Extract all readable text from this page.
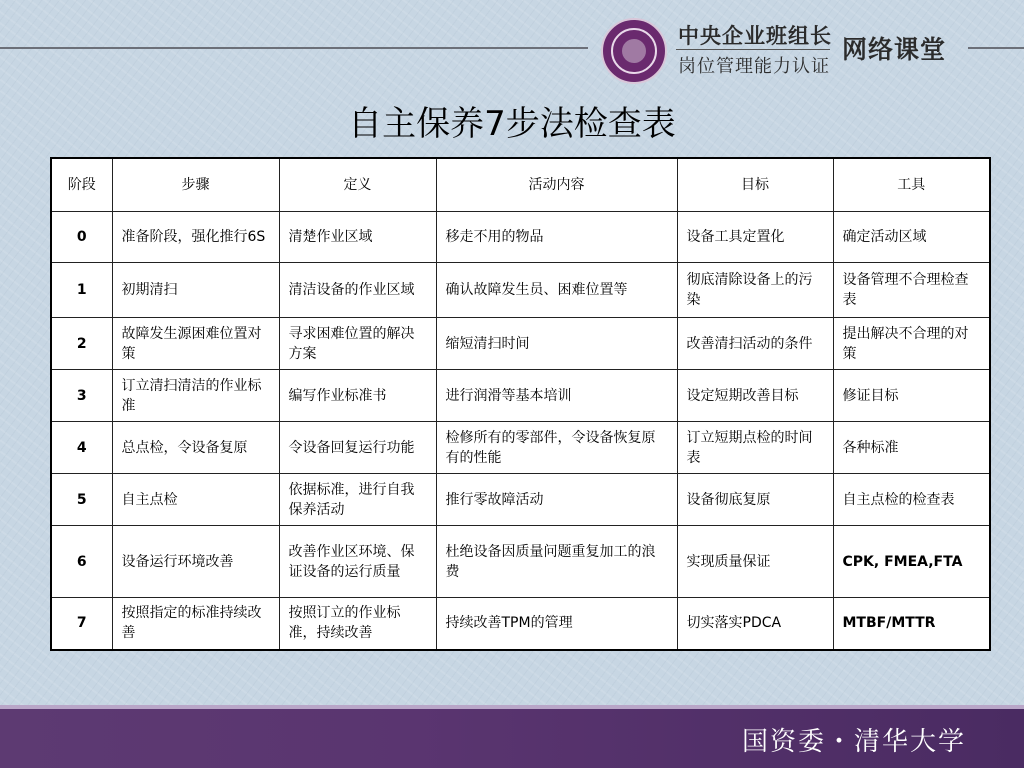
中央企业班组长
岗位管理能力认证
网络课堂
自主保养7步法检查表
阶段	步骤	定义	活动内容	目标	工具
0	准备阶段，强化推行6S	清楚作业区域	移走不用的物品	设备工具定置化	确定活动区域
1	初期清扫	清洁设备的作业区域	确认故障发生员、困难位置等	彻底清除设备上的污染	设备管理不合理检查表
2	故障发生源困难位置对策	寻求困难位置的解决方案	缩短清扫时间	改善清扫活动的条件	提出解决不合理的对策
3	订立清扫清洁的作业标准	编写作业标准书	进行润滑等基本培训	设定短期改善目标	修证目标
4	总点检，令设备复原	令设备回复运行功能	检修所有的零部件，令设备恢复原有的性能	订立短期点检的时间表	各种标准
5	自主点检	依据标准，进行自我保养活动	推行零故障活动	设备彻底复原	自主点检的检查表
6	设备运行环境改善	改善作业区环境、保证设备的运行质量	杜绝设备因质量问题重复加工的浪费	实现质量保证	CPK, FMEA,FTA
7	按照指定的标准持续改善	按照订立的作业标准，持续改善	持续改善TPM的管理	切实落实PDCA	MTBF/MTTR
国资委・清华大学
